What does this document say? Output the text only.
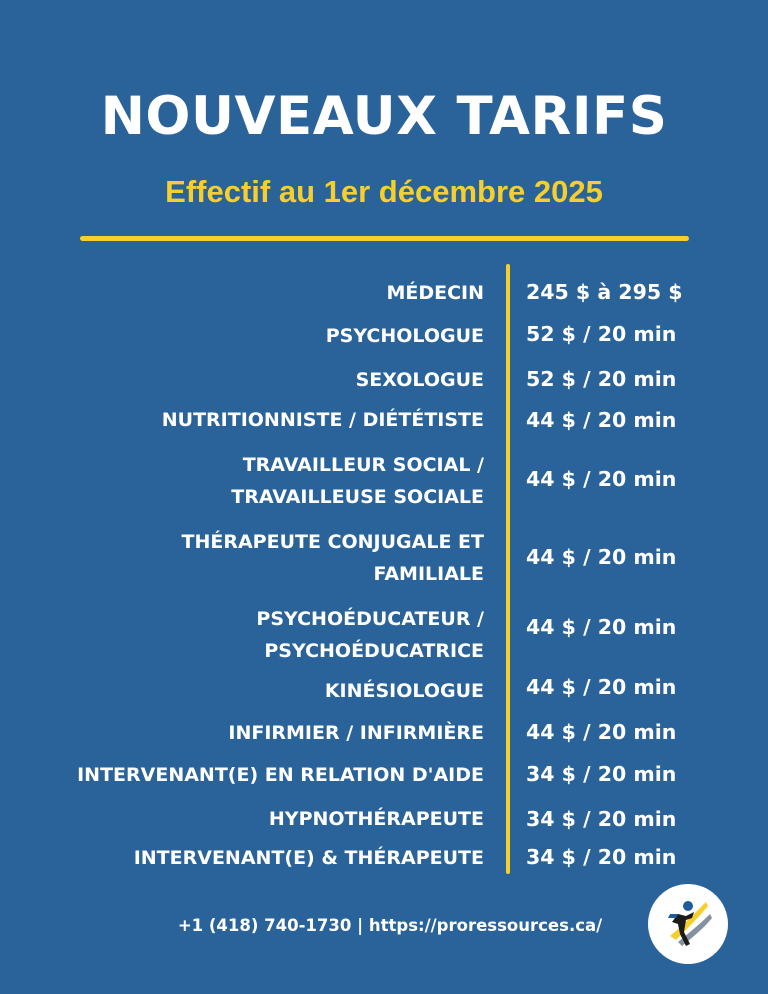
NOUVEAUX TARIFS
Effectif au 1er décembre 2025
MÉDECIN 245 $ à 295 $
PSYCHOLOGUE 52 $ / 20 min
SEXOLOGUE 52 $ / 20 min
NUTRITIONNISTE / DIÉTÉTISTE 44 $ / 20 min
TRAVAILLEUR SOCIAL /
TRAVAILLEUSE SOCIALE
44 $ / 20 min
THÉRAPEUTE CONJUGALE ET
FAMILIALE
44 $ / 20 min
PSYCHOÉDUCATEUR /
PSYCHOÉDUCATRICE
44 $ / 20 min
KINÉSIOLOGUE 44 $ / 20 min
INFIRMIER / INFIRMIÈRE 44 $ / 20 min
INTERVENANT(E) EN RELATION D'AIDE 34 $ / 20 min
HYPNOTHÉRAPEUTE 34 $ / 20 min
INTERVENANT(E) & THÉRAPEUTE 34 $ / 20 min
+1 (418) 740-1730 | https://proressources.ca/
